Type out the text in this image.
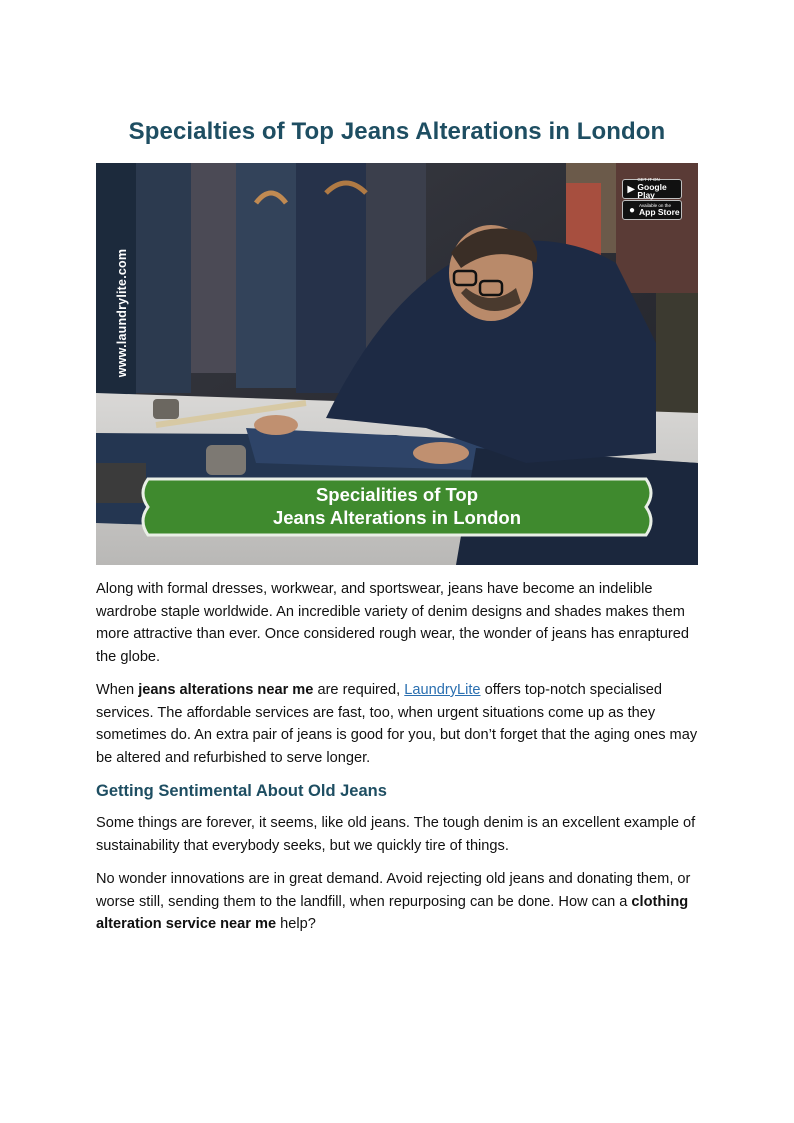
Specialties of Top Jeans Alterations in London
www.laundrylite.com
▶
GET IT ON
Google Play
● Available on the
App Store
Specialities of Top
Jeans Alterations in London

Along with formal dresses, workwear, and sportswear, jeans have become an indelible wardrobe staple worldwide. An incredible variety of denim designs and shades makes them more attractive than ever. Once considered rough wear, the wonder of jeans has enraptured the globe.

When jeans alterations near me are required, LaundryLite offers top-notch specialised services. The affordable services are fast, too, when urgent situations come up as they sometimes do. An extra pair of jeans is good for you, but don’t forget that the aging ones may be altered and refurbished to serve longer.

Getting Sentimental About Old Jeans

Some things are forever, it seems, like old jeans. The tough denim is an excellent example of sustainability that everybody seeks, but we quickly tire of things.

No wonder innovations are in great demand. Avoid rejecting old jeans and donating them, or worse still, sending them to the landfill, when repurposing can be done. How can a clothing alteration service near me help?
